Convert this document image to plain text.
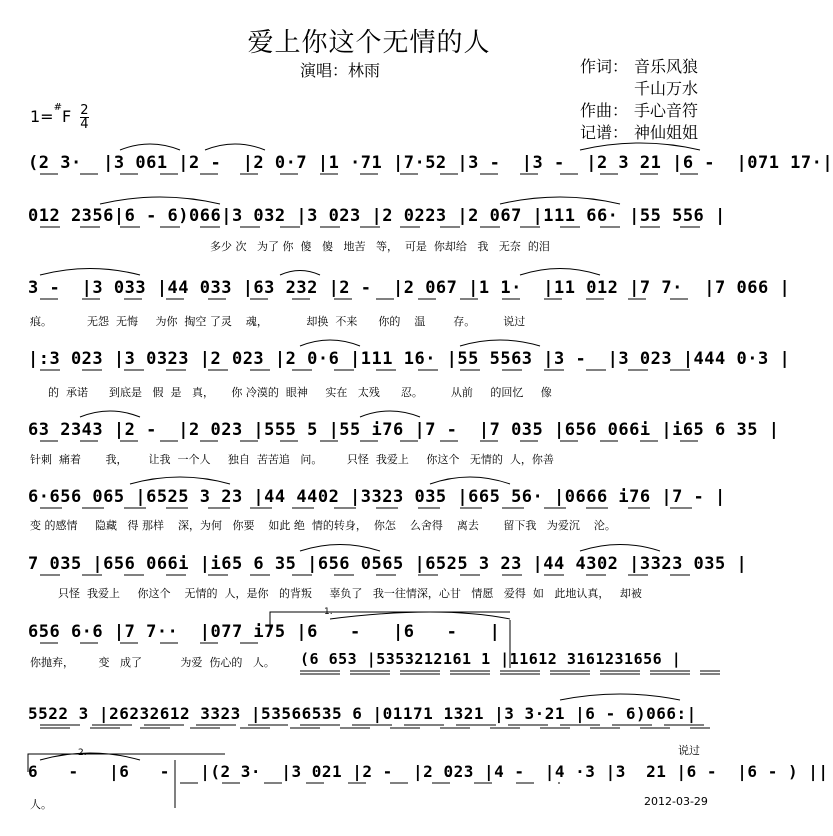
爱上你这个无情的人
演唱：林雨	作词： 音乐风狼
千山万水
作曲： 手心音符
记谱： 神仙姐姐
$1=^{\#}F \frac{2}{4}$
(2 3·  |3 061 |2 -  |2 0·7 |1 ·71 |7·52 |3 -  |3 -  |2 3 21 |6 -  |071 17·|
012 2356|6 - 6)066|3 032 |3 023 |2 0223 |2 067 |111 66· |55 556 |
多少 次   为了 你  傻   傻   地苦   等，  可是  你却给   我   无奈  的泪
3 -  |3 033 |44 033 |63 232 |2 -  |2 067 |1 1·  |11 012 |7 7·  |7 066 |
痕。          无怨  无悔     为你  掏空 了灵    魂，           却换  不来      你的    温        存。        说过
|:3 023 |3 0323 |2 023 |2 0·6 |111 16· |55 5563 |3 -  |3 023 |444 0·3 |
的  承诺      到底是   假  是   真，     你 冷漠的  眼神     实在   太残      忍。        从前     的回忆     像
63 2343 |2 -  |2 023 |555 5 |55 i76 |7 -  |7 035 |656 066i |i65 6 35 |
针刺  痛着       我，      让我  一个人     独自  苦苦追   问。       只怪  我爱上     你这个   无情的  人，你善
6·656 065 |6525 3 23 |44 4402 |3323 035 |665 56· |0666 i76 |7 - |
变 的感情     隐藏   得 那样    深，为何   你要    如此 绝  情的转身，  你怎    么舍得    离去       留下我   为爱沉    沦。
7 035 |656 066i |i65 6 35 |656 0565 |6525 3 23 |44 4302 |3323 035 |
只怪  我爱上     你这个    无情的  人，是你   的背叛     辜负了   我一往情深，心甘   情愿   爱得  如   此地认真，   却被
1.
656 6·6 |7 7··  |077 i75 |6   -   |6   -   |
你抛弃，       变   成了           为爱  伤心的   人。 (6 653 |5353212161 1 |11612 3161231656 |
5522 3 |26232612 3323 |53566535 6 |01171 1321 |3 3·21 |6 - 6)066:|
说过
2.
6   -   |6   -   |(2 3·  |3 021 |2 -  |2 023 |4 -  |4 ·3 |3  21 |6 -  |6 - ) ||
人。	2012-03-29
